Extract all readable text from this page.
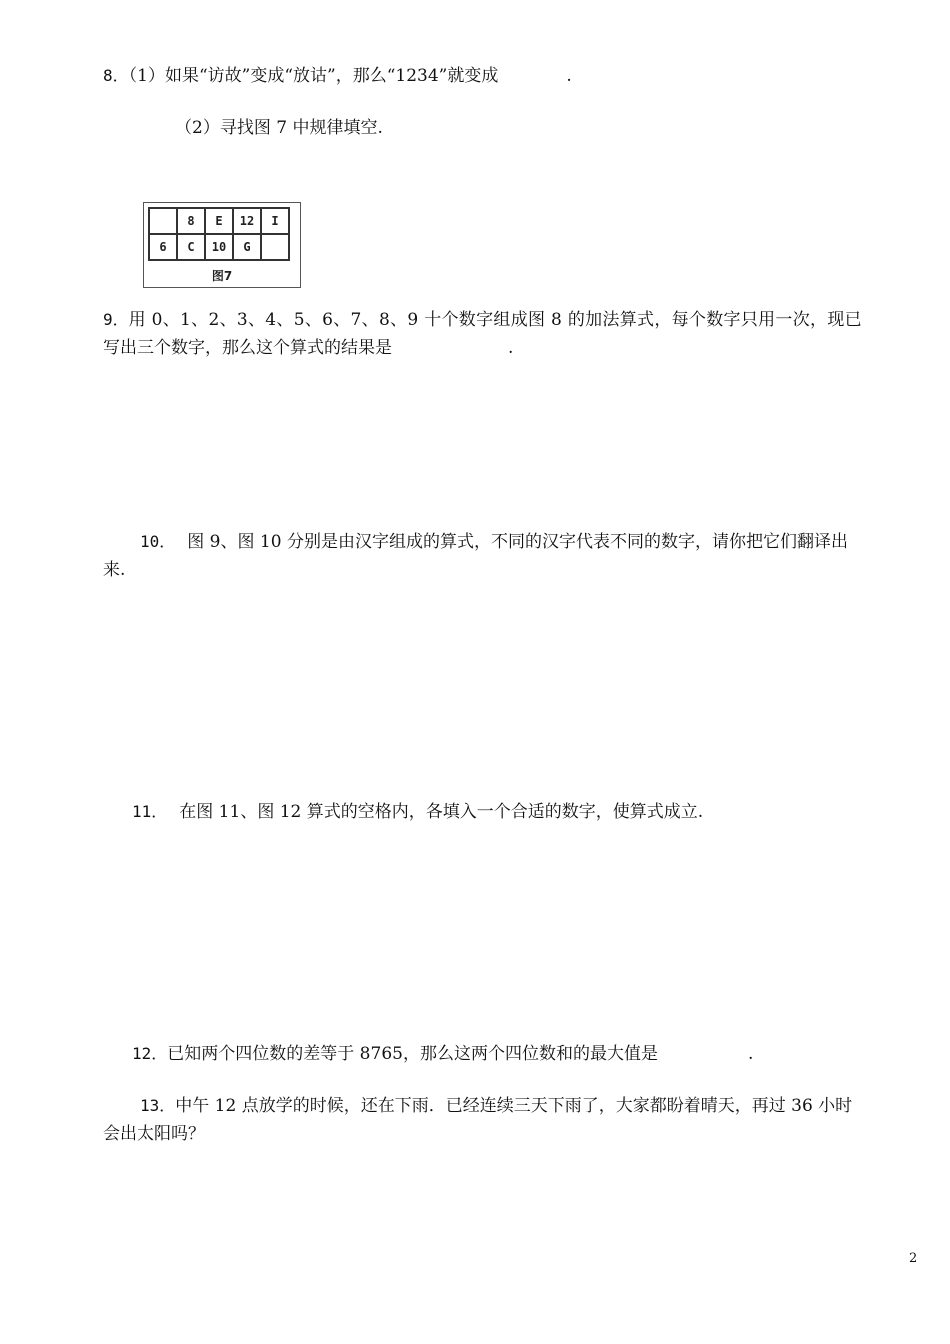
8．（1）如果“访故”变成“放诂”，那么“1234”就变成	.
（2）寻找图 7 中规律填空.
	8	E	12	I
6	C	10	G	
图7
9．用 0、1、2、3、4、5、6、7、8、9 十个数字组成图 8 的加法算式，每个数字只用一次，现已
写出三个数字，那么这个算式的结果是	.
10． 图 9、图 10 分别是由汉字组成的算式，不同的汉字代表不同的数字，请你把它们翻译出
来.
11． 在图 11、图 12 算式的空格内，各填入一个合适的数字，使算式成立.
12．已知两个四位数的差等于 8765，那么这两个四位数和的最大值是	.
13．中午 12 点放学的时候，还在下雨．已经连续三天下雨了，大家都盼着晴天，再过 36 小时
会出太阳吗？
2
